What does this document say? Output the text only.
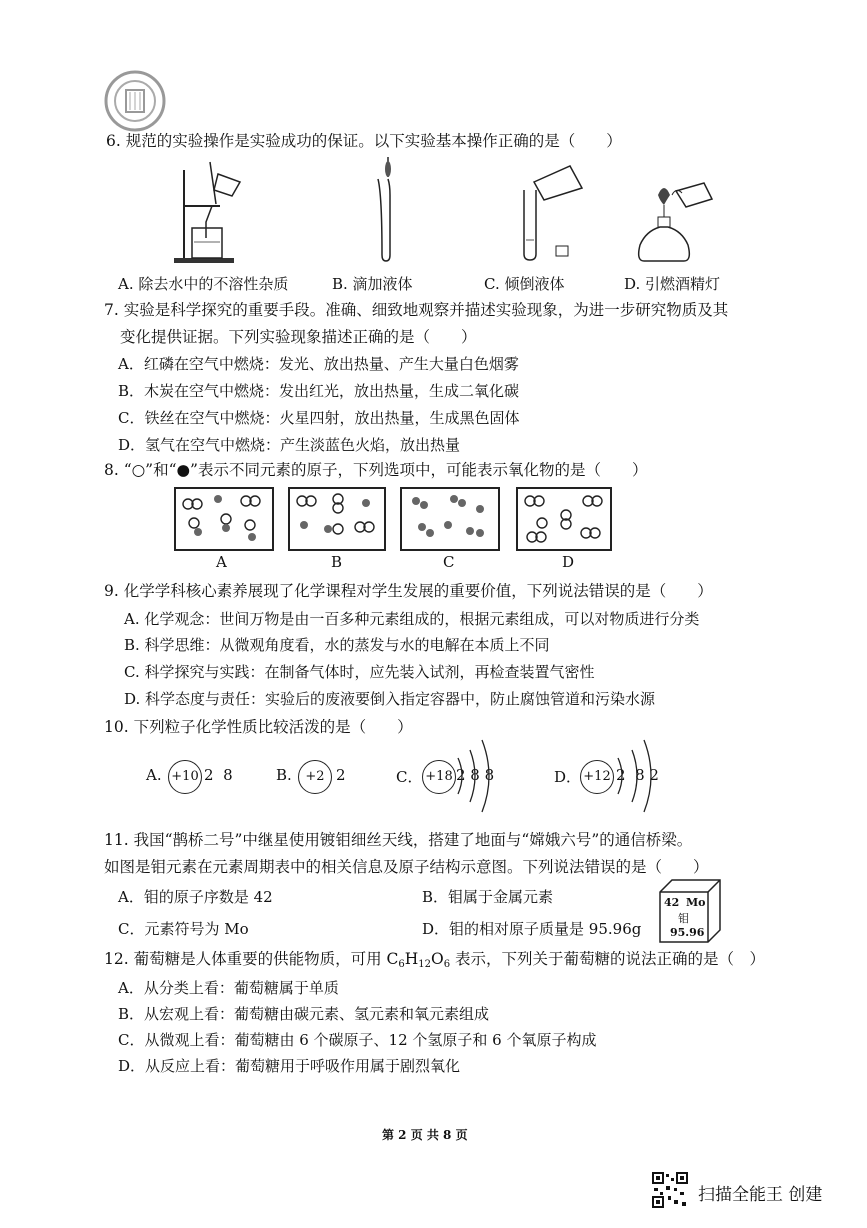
6. 规范的实验操作是实验成功的保证。以下实验基本操作正确的是（　　）
A. 除去水中的不溶性杂质	B. 滴加液体	C. 倾倒液体	D. 引燃酒精灯
7. 实验是科学探究的重要手段。准确、细致地观察并描述实验现象，为进一步研究物质及其
变化提供证据。下列实验现象描述正确的是（　　）
A．红磷在空气中燃烧：发光、放出热量、产生大量白色烟雾
B．木炭在空气中燃烧：发出红光，放出热量，生成二氧化碳
C．铁丝在空气中燃烧：火星四射，放出热量，生成黑色固体
D．氢气在空气中燃烧：产生淡蓝色火焰，放出热量
8. “○”和“●”表示不同元素的原子，下列选项中，可能表示氧化物的是（　　）
A	B	C	D
9. 化学学科核心素养展现了化学课程对学生发展的重要价值，下列说法错误的是（　　）
A. 化学观念：世间万物是由一百多种元素组成的，根据元素组成，可以对物质进行分类
B. 科学思维：从微观角度看，水的蒸发与水的电解在本质上不同
C. 科学探究与实践：在制备气体时，应先装入试剂，再检查装置气密性
D. 科学态度与责任：实验后的废液要倒入指定容器中，防止腐蚀管道和污染水源
10. 下列粒子化学性质比较活泼的是（　　）
A. +10 2  8	B.	+2 2	C． +18 2 8 8	D． +12 2  8 2
11. 我国“鹊桥二号”中继星使用镀钼细丝天线，搭建了地面与“嫦娥六号”的通信桥梁。
如图是钼元素在元素周期表中的相关信息及原子结构示意图。下列说法错误的是（　　）
A．钼的原子序数是 42	B．钼属于金属元素
C．元素符号为 Mo	D．钼的相对原子质量是 95.96g
42 Mo
钼
95.96
12. 葡萄糖是人体重要的供能物质，可用 $C_6H_{12}O_6$ 表示，下列关于葡萄糖的说法正确的是（　）
A．从分类上看：葡萄糖属于单质
B．从宏观上看：葡萄糖由碳元素、氢元素和氧元素组成
C．从微观上看：葡萄糖由 6 个碳原子、12 个氢原子和 6 个氧原子构成
D．从反应上看：葡萄糖用于呼吸作用属于剧烈氧化
第 2 页 共 8 页
扫描全能王 创建
